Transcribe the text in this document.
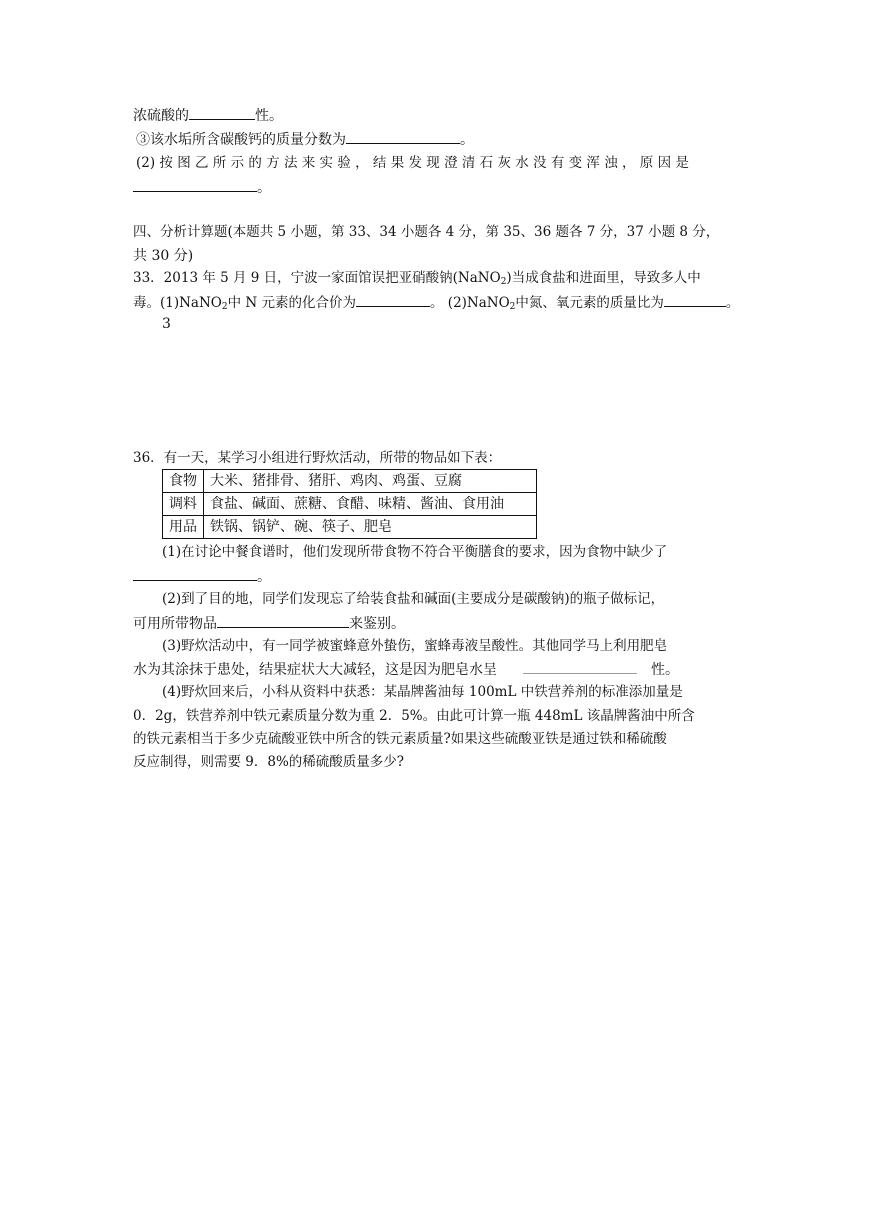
浓硫酸的	性。
③该水垢所含碳酸钙的质量分数为	。
(2) 按 图 乙 所 示 的 方 法 来 实 验 ， 结 果 发 现 澄 清 石 灰 水 没 有 变 浑 浊 ， 原 因 是
。
四、分析计算题(本题共 5 小题，第 33、34 小题各 4 分，第 35、36 题各 7 分，37 小题 8 分，
共 30 分)
33．2013 年 5 月 9 日，宁波一家面馆误把亚硝酸钠(NaNO$_2$)当成食盐和进面里，导致多人中
毒。(1)NaNO$_2$中 N 元素的化合价为	。 (2)NaNO$_2$中氮、氧元素的质量比为	。
3
36．有一天，某学习小组进行野炊活动，所带的物品如下表：
食物	大米、猪排骨、猪肝、鸡肉、鸡蛋、豆腐
调料	食盐、碱面、蔗糖、食醋、味精、酱油、食用油
用品	铁锅、锅铲、碗、筷子、肥皂
(1)在讨论中餐食谱时，他们发现所带食物不符合平衡膳食的要求，因为食物中缺少了
。
(2)到了目的地，同学们发现忘了给装食盐和碱面(主要成分是碳酸钠)的瓶子做标记，
可用所带物品	来鉴别。
(3)野炊活动中，有一同学被蜜蜂意外蛰伤，蜜蜂毒液呈酸性。其他同学马上利用肥皂
水为其涂抹于患处，结果症状大大减轻，这是因为肥皂水呈	性。
(4)野炊回来后，小科从资料中获悉：某晶牌酱油每 100mL 中铁营养剂的标准添加量是
0．2g，铁营养剂中铁元素质量分数为重 2．5%。由此可计算一瓶 448mL 该晶牌酱油中所含
的铁元素相当于多少克硫酸亚铁中所含的铁元素质量?如果这些硫酸亚铁是通过铁和稀硫酸
反应制得，则需要 9．8%的稀硫酸质量多少?
